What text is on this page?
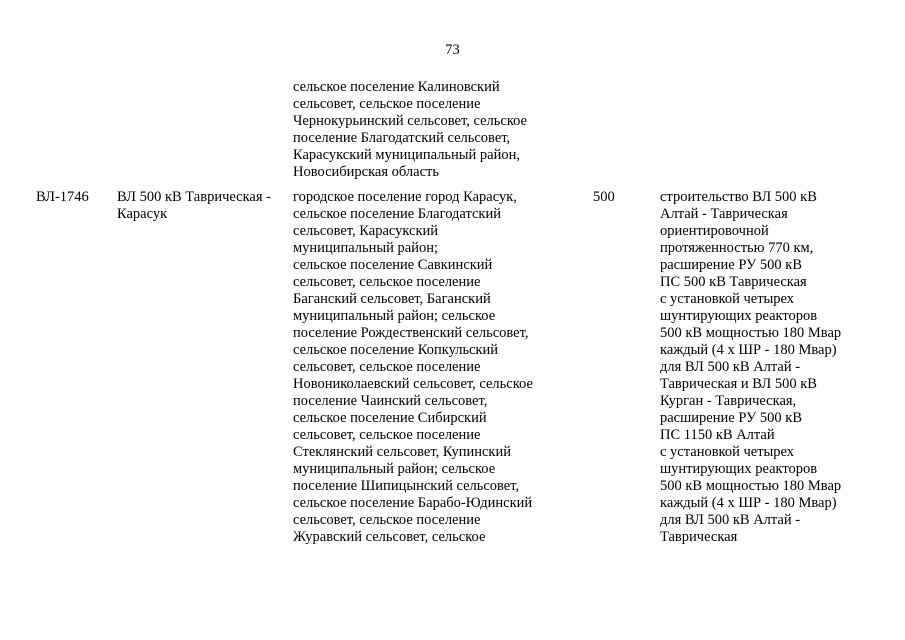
73
сельское поселение Калиновский
сельсовет, сельское поселение
Чернокурьинский сельсовет, сельское
поселение Благодатский сельсовет,
Карасукский муниципальный район,
Новосибирская область
ВЛ-1746 ВЛ 500 кВ Таврическая -
Карасук
городское поселение город Карасук,
сельское поселение Благодатский
сельсовет, Карасукский
муниципальный район;
сельское поселение Савкинский
сельсовет, сельское поселение
Баганский сельсовет, Баганский
муниципальный район; сельское
поселение Рождественский сельсовет,
сельское поселение Копкульский
сельсовет, сельское поселение
Новониколаевский сельсовет, сельское
поселение Чаинский сельсовет,
сельское поселение Сибирский
сельсовет, сельское поселение
Стеклянский сельсовет, Купинский
муниципальный район; сельское
поселение Шипицынский сельсовет,
сельское поселение Барабо-Юдинский
сельсовет, сельское поселение
Журавский сельсовет, сельское
500	строительство ВЛ 500 кВ
Алтай - Таврическая
ориентировочной
протяженностью 770 км,
расширение РУ 500 кВ
ПС 500 кВ Таврическая
с установкой четырех
шунтирующих реакторов
500 кВ мощностью 180 Мвар
каждый (4 х ШР - 180 Мвар)
для ВЛ 500 кВ Алтай -
Таврическая и ВЛ 500 кВ
Курган - Таврическая,
расширение РУ 500 кВ
ПС 1150 кВ Алтай
с установкой четырех
шунтирующих реакторов
500 кВ мощностью 180 Мвар
каждый (4 х ШР - 180 Мвар)
для ВЛ 500 кВ Алтай -
Таврическая
